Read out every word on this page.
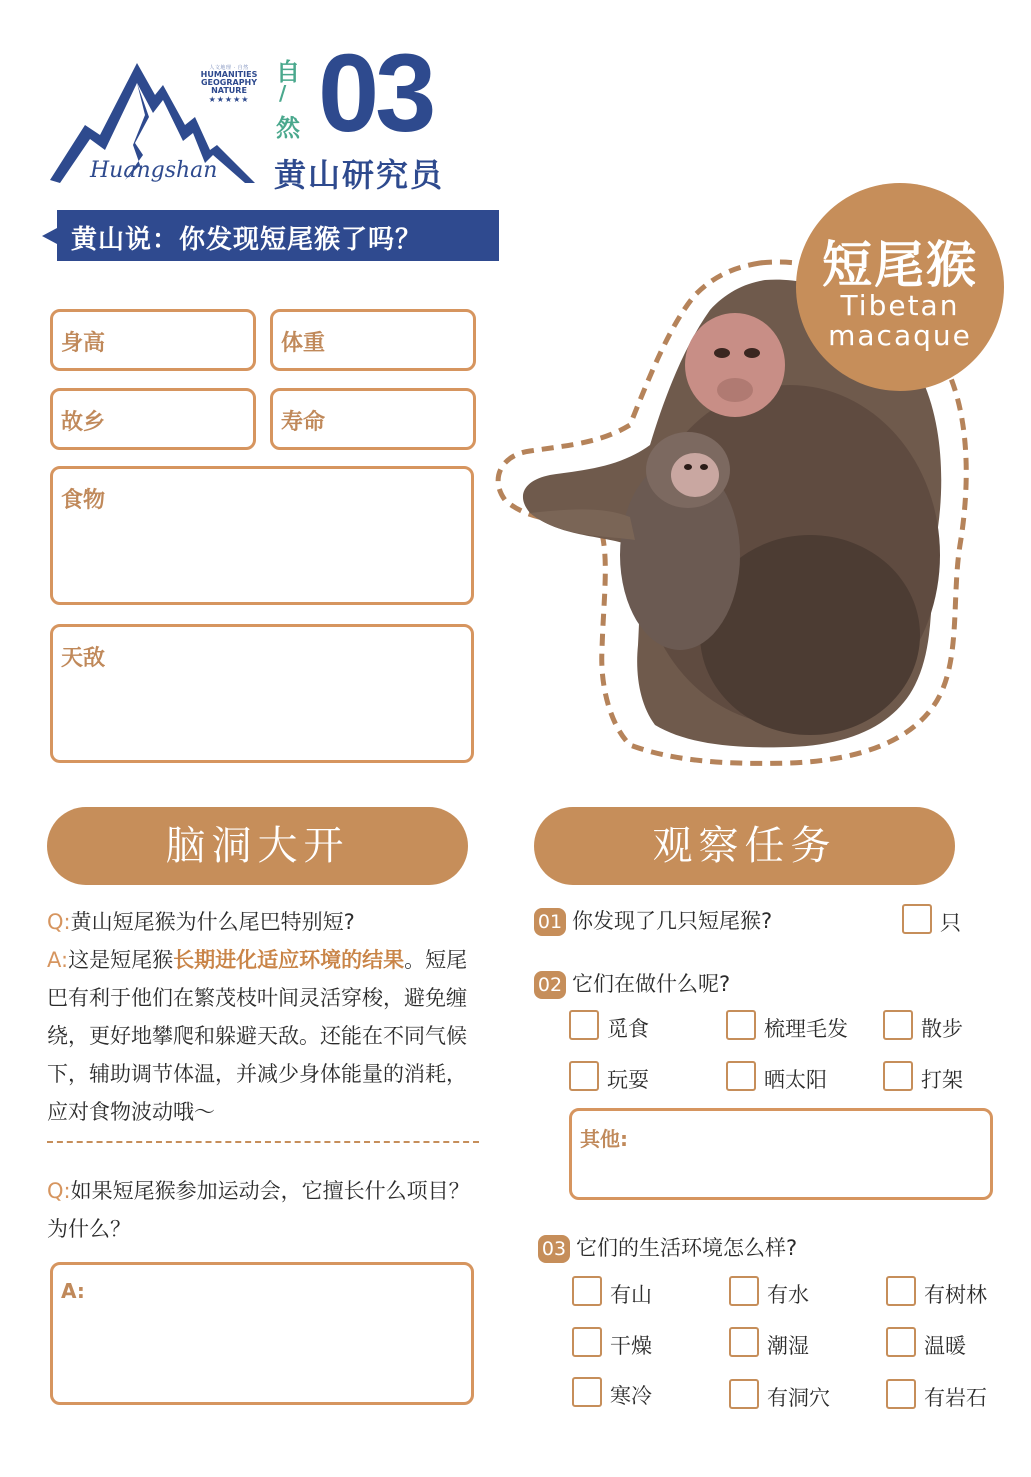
人文地理 · 自然
HUMANITIES
GEOGRAPHY
NATURE
★★★★★
Huangshan
自
/
然 03
黄山研究员
黄山说：你发现短尾猴了吗？
身高	体重
故乡	寿命
食物
天敌
短尾猴
Tibetan
macaque
脑洞大开	观察任务
Q:黄山短尾猴为什么尾巴特别短?
A:这是短尾猴长期进化适应环境的结果。短尾巴有利于他们在繁茂枝叶间灵活穿梭，避免缠绕，更好地攀爬和躲避天敌。还能在不同气候下，辅助调节体温，并减少身体能量的消耗，应对食物波动哦～
Q:如果短尾猴参加运动会，它擅长什么项目？为什么？
A:
01 你发现了几只短尾猴?	只
02 它们在做什么呢?
觅食	梳理毛发	散步
玩耍	晒太阳	打架
其他:
03 它们的生活环境怎么样?
有山	有水	有树林
干燥	潮湿	温暖
寒冷	有洞穴	有岩石
